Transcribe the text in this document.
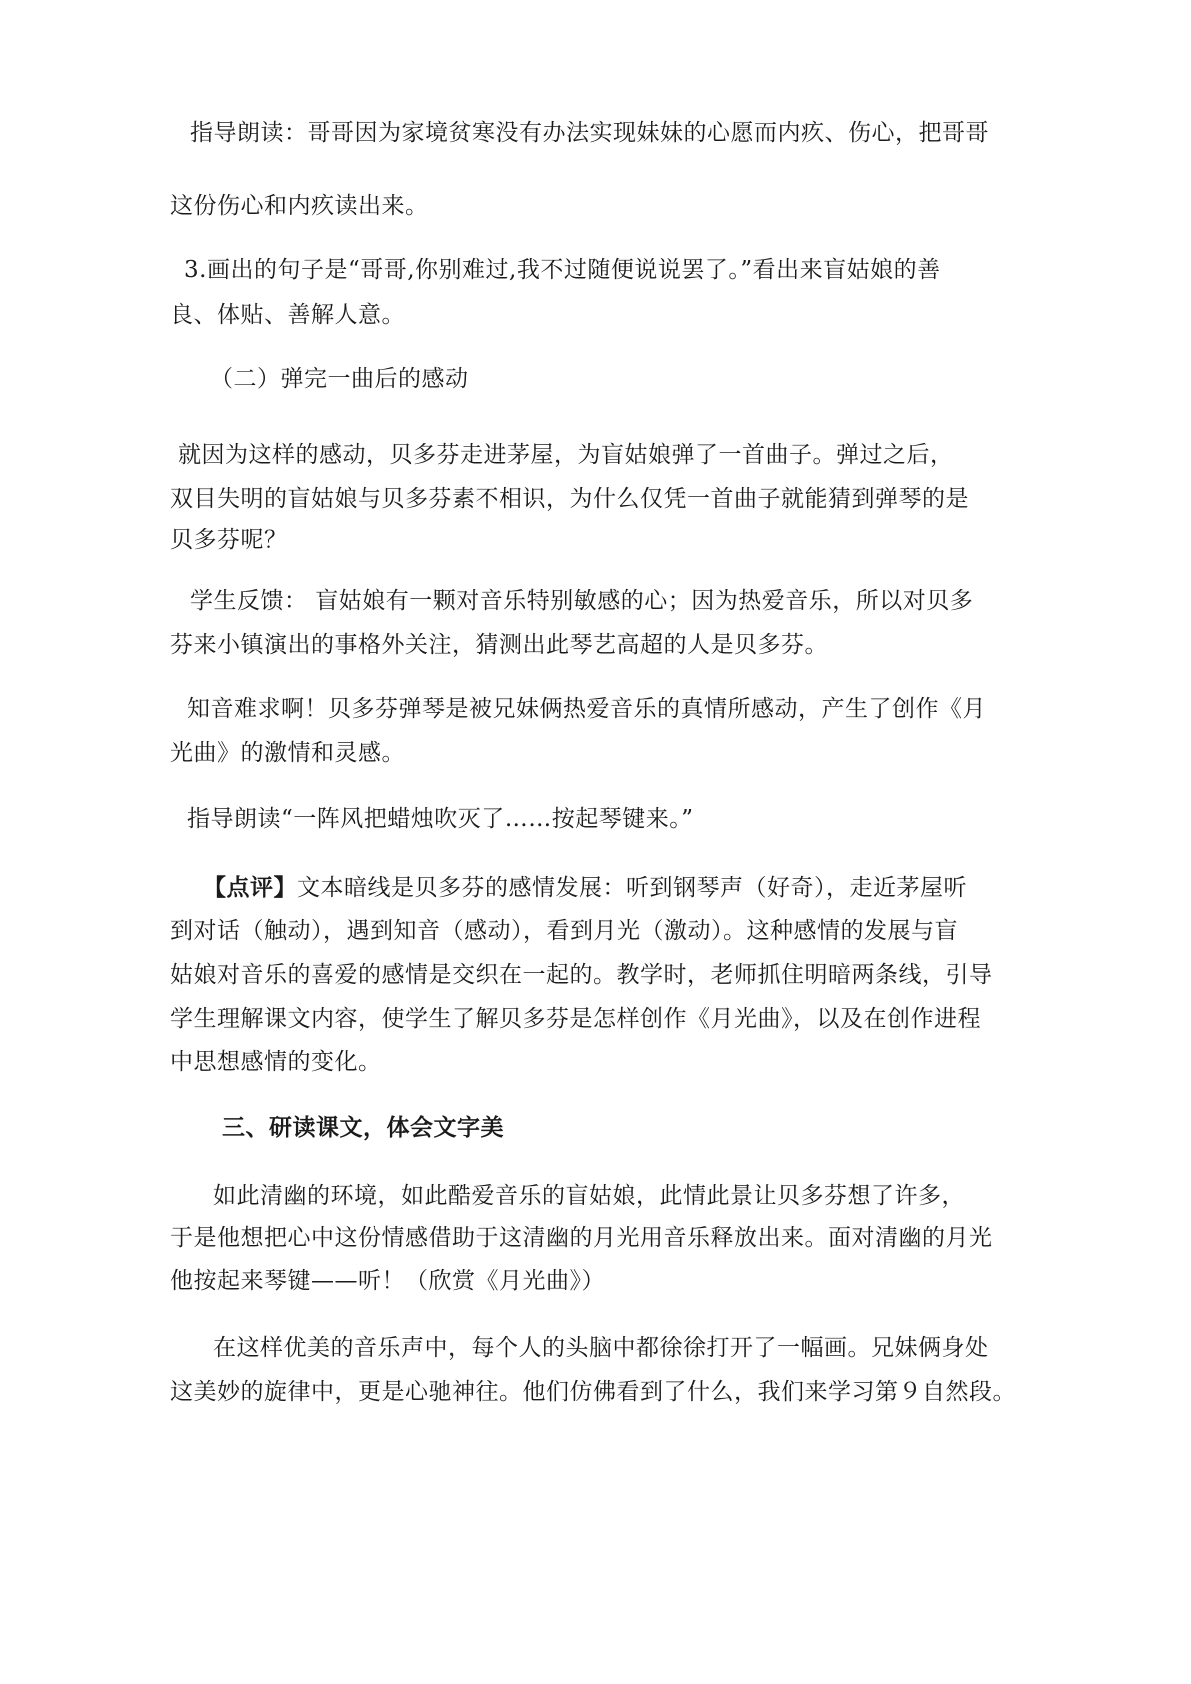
指导朗读：哥哥因为家境贫寒没有办法实现妹妹的心愿而内疚、伤心，把哥哥
这份伤心和内疚读出来。
3.画出的句子是“哥哥,你别难过,我不过随便说说罢了。”看出来盲姑娘的善
良、体贴、善解人意。
（二）弹完一曲后的感动
就因为这样的感动，贝多芬走进茅屋，为盲姑娘弹了一首曲子。弹过之后，
双目失明的盲姑娘与贝多芬素不相识，为什么仅凭一首曲子就能猜到弹琴的是
贝多芬呢？
学生反馈： 盲姑娘有一颗对音乐特别敏感的心；因为热爱音乐，所以对贝多
芬来小镇演出的事格外关注，猜测出此琴艺高超的人是贝多芬。
知音难求啊！贝多芬弹琴是被兄妹俩热爱音乐的真情所感动，产生了创作《月
光曲》的激情和灵感。
指导朗读“一阵风把蜡烛吹灭了……按起琴键来。”
【点评】文本暗线是贝多芬的感情发展：听到钢琴声（好奇），走近茅屋听
到对话（触动），遇到知音（感动），看到月光（激动）。这种感情的发展与盲
姑娘对音乐的喜爱的感情是交织在一起的。教学时，老师抓住明暗两条线，引导
学生理解课文内容，使学生了解贝多芬是怎样创作《月光曲》，以及在创作进程
中思想感情的变化。
三、研读课文，体会文字美
如此清幽的环境，如此酷爱音乐的盲姑娘，此情此景让贝多芬想了许多，
于是他想把心中这份情感借助于这清幽的月光用音乐释放出来。面对清幽的月光
他按起来琴键——听！（欣赏《月光曲》）
在这样优美的音乐声中，每个人的头脑中都徐徐打开了一幅画。兄妹俩身处
这美妙的旋律中，更是心驰神往。他们仿佛看到了什么，我们来学习第９自然段。
